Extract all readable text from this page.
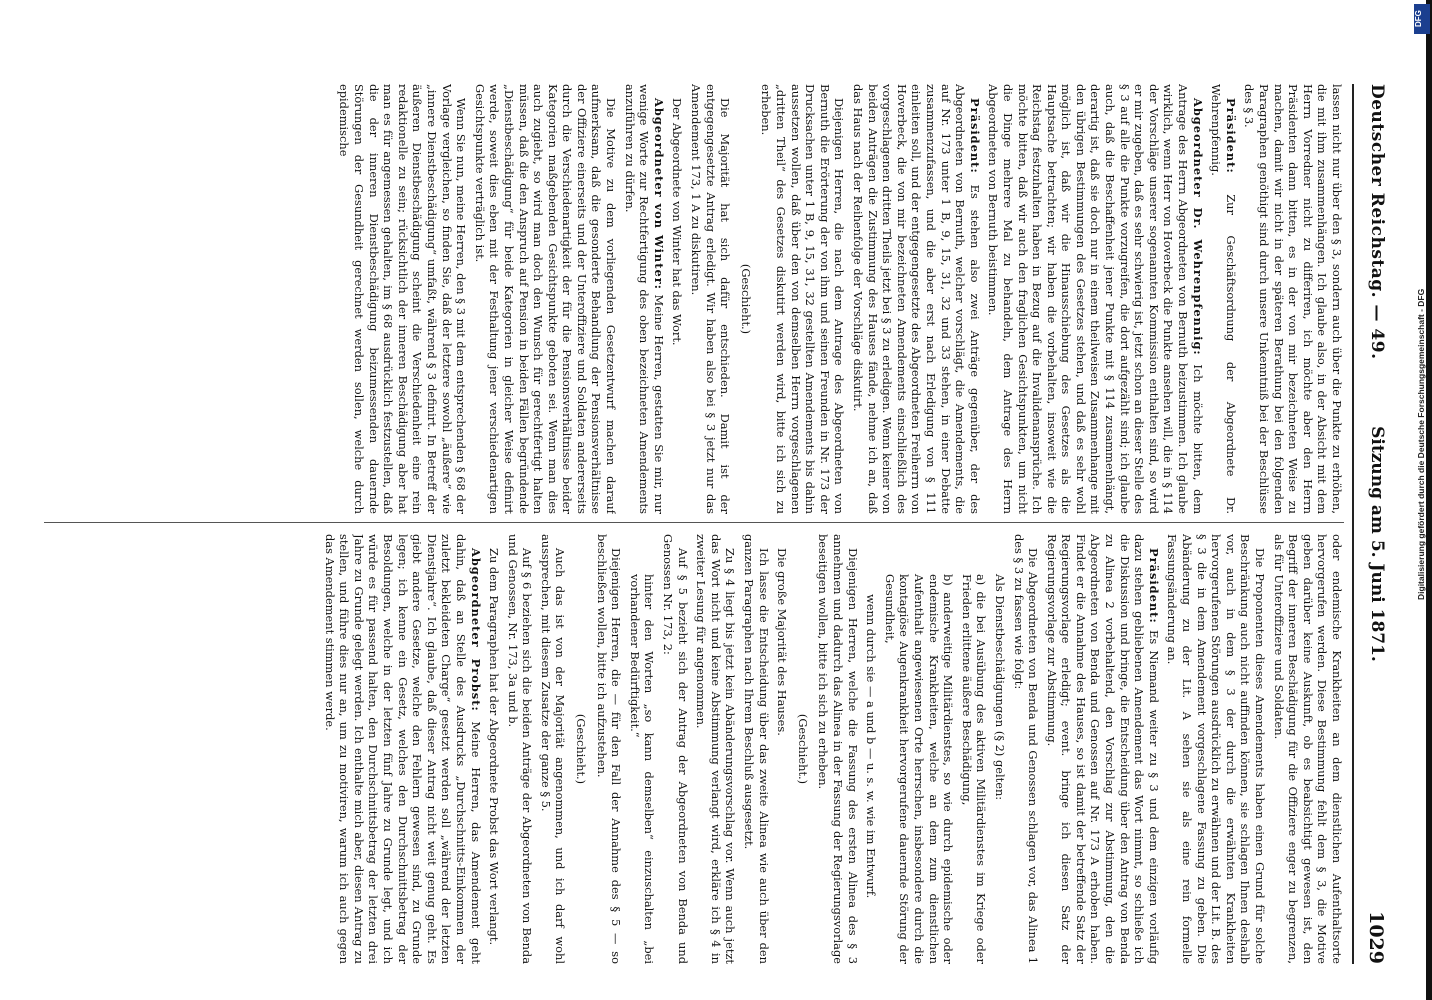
Deutscher Reichstag. — 49.
Sitzung am 5. Juni 1871.
1029

lassen nicht nur über den § 3, sondern auch über die Punkte zu erhöhen, die mit ihm zusammenhängen. Ich glaube also, in der Absicht mit dem Herrn Vorredner nicht zu differiren, ich möchte aber den Herrn Präsidenten dann bitten, es in der von mir bezeichneten Weise zu machen, damit wir nicht in der späteren Berathung bei den folgenden Paragraphen genöthigt sind durch unsere Unkenntniß bei der Beschlüsse des § 3.

Präsident: Zur Geschäftsordnung der Abgeordnete Dr. Wehrenpfennig.

Abgeordneter Dr. Wehrenpfennig: Ich möchte bitten, dem Antrage des Herrn Abgeordneten von Bernuth beizustimmen. Ich glaube wirklich, wenn Herr von Hoverbeck die Punkte ansehen will, die in § 114 der Vorschläge unserer sogenannten Kommission enthalten sind, so wird er mir zugeben, daß es sehr schwierig ist, jetzt schon an dieser Stelle des § 3 auf alle die Punkte vorzugreifen, die dort aufgezählt sind; ich glaube auch, daß die Beschaffenheit jener Punkte mit § 114 zusammenhängt, derartig ist, daß sie doch nur in einem theilweisen Zusammenhange mit den übrigen Bestimmungen des Gesetzes stehen, und daß es sehr wohl möglich ist, daß wir die Hinausschiebung des Gesetzes als die Hauptsache betrachten; wir haben die vorbehalten, insoweit wie die Reichstag festzuhalten haben in Bezug auf die Invalidenansprüche. Ich möchte bitten, daß wir auch den fraglichen Gesichtspunkten, um nicht die Dinge mehrere Mal zu behandeln, dem Antrage des Herrn Abgeordneten von Bernuth beistimmen.

Präsident: Es stehen also zwei Anträge gegenüber, der des Abgeordneten von Bernuth, welcher vorschlägt, die Amendements, die auf Nr. 173 unter 1 B, 9, 15, 31, 32 und 33 stehen, in einer Debatte zusammenzufassen, und die aber erst nach Erledigung von § 111 einleiten soll, und der entgegengesetzte des Abgeordneten Freiherrn von Hoverbeck, die von mir bezeichneten Amendements einschließlich des vorgeschlagenen dritten Theils jetzt bei § 3 zu erledigen. Wenn keiner von beiden Anträgen die Zustimmung des Hauses fände, nehme ich an, daß das Haus nach der Reihenfolge der Vorschläge diskutirt.

Diejenigen Herren, die nach dem Antrage des Abgeordneten von Bernuth die Erörterung der von ihm und seinen Freunden in Nr. 173 der Drucksachen unter 1 B, 9, 15, 31, 32 gestellten Amendements bis dahin aussetzen wollen, daß über den von demselben Herrn vorgeschlagenen „dritten Theil“ des Gesetzes diskutirt werden wird, bitte ich sich zu erheben.

(Geschieht.)

Die Majorität hat sich dafür entschieden. Damit ist der entgegengesetzte Antrag erledigt. Wir haben also bei § 3 jetzt nur das Amendement 173, 1 A zu diskutiren.

Der Abgeordnete von Winter hat das Wort.

Abgeordneter von Winter: Meine Herren, gestatten Sie mir, nur wenige Worte zur Rechtfertigung des oben bezeichneten Amendements anzuführen zu dürfen.

Die Motive zu dem vorliegenden Gesetzentwurf machen darauf aufmerksam, daß die gesonderte Behandlung der Pensionsverhältnisse der Offiziere einerseits und der Unteroffiziere und Soldaten andererseits durch die Verschiedenartigkeit der für die Pensionsverhältnisse beider Kategorien maßgebenden Gesichtspunkte geboten sei. Wenn man dies auch zugiebt, so wird man doch den Wunsch für gerechtfertigt halten müssen, daß die den Anspruch auf Pension in beiden Fällen begründende „Dienstbeschädigung“ für beide Kategorien in gleicher Weise definirt werde, soweit dies eben mit der Festhaltung jener verschiedenartigen Gesichtspunkte verträglich ist.

Wenn Sie nun, meine Herren, den § 3 mit dem entsprechenden § 68 der Vorlage vergleichen, so finden Sie, daß der letztere sowohl „äußere“ wie „innere Dienstbeschädigung“ umfaßt, während § 3 definirt. In Betreff der äußeren Dienstbeschädigung scheint die Verschiedenheit eine rein redaktionelle zu sein; rücksichtlich der inneren Beschädigung aber hat man es für angemessen gehalten, im § 68 ausdrücklich festzustellen, daß die der inneren Dienstbeschädigung beizumessenden dauernde Störungen der Gesundheit gerechnet werden sollen, welche durch epidemische

oder endemische Krankheiten an dem dienstlichen Aufenthaltsorte hervorgerufen werden. Diese Bestimmung fehlt dem § 3, die Motive geben darüber keine Auskunft, ob es beabsichtigt gewesen ist, den Begriff der inneren Beschädigung für die Offiziere enger zu begrenzen, als für Unteroffiziere und Soldaten.

Die Proponenten dieses Amendements haben einen Grund für solche Beschränkung auch nicht auffinden können, sie schlagen Ihnen deshalb vor, auch in dem § 3 der durch die erwähnten Krankheiten hervorgerufenen Störungen ausdrücklich zu erwähnen und der Lit. B. des § 3 die in dem Amendement vorgeschlagene Fassung zu geben. Die Abänderung zu der Lit. A sehen sie als eine rein formelle Fassungsänderung an.

Präsident: Es Niemand weiter zu § 3 und dem einzigen vorläufig dazu stehen gebliebenen Amendement das Wort nimmt, so schließe ich die Diskussion und bringe, die Entscheidung über den Antrag von Benda zu Alinea 2 vorbehaltend, den Vorschlag zur Abstimmung, den die Abgeordneten von Benda und Genossen auf Nr. 173 A erhoben haben. Findet er die Annahme des Hauses, so ist damit der betreffende Satz der Regierungsvorlage erledigt; event. bringe ich diesen Satz der Regierungsvorlage zur Abstimmung.

Die Abgeordneten von Benda und Genossen schlagen vor, das Alinea 1 des § 3 zu fassen wie folgt:

Als Dienstbeschädigungen (§ 2) gelten:

a) die bei Ausübung des aktiven Militärdienstes im Kriege oder Frieden erlittene äußere Beschädigung,

b) anderweitige Militärdienstes, so wie durch epidemische oder endemische Krankheiten, welche an dem zum dienstlichen Aufenthalt angewiesenen Orte herrschen, insbesondere durch die kontagiöse Augenkrankheit hervorgerufene dauernde Störung der Gesundheit,

wenn durch sie — a und b — u. s. w. wie im Entwurf.

Diejenigen Herren, welche die Fassung des ersten Alinea des § 3 annehmen und dadurch das Alinea in der Fassung der Regierungsvorlage beseitigen wollen, bitte ich sich zu erheben.

(Geschieht.)

Die große Majorität des Hauses.

Ich lasse die Entscheidung über das zweite Alinea wie auch über den ganzen Paragraphen nach Ihrem Beschluß ausgesetzt.

Zu § 4 liegt bis jetzt kein Abänderungsvorschlag vor. Wenn auch jetzt das Wort nicht und keine Abstimmung verlangt wird, erkläre ich § 4 in zweiter Lesung für angenommen.

Auf § 5 bezieht sich der Antrag der Abgeordneten von Benda und Genossen Nr. 173, 2:

hinter den Worten „so kann demselben“ einzuschalten „bei vorhandener Bedürftigkeit.“

Diejenigen Herren, die — für den Fall der Annahme des § 5 — so beschließen wollen, bitte ich aufzustehen.

(Geschieht.)

Auch das ist von der Majorität angenommen, und ich darf wohl aussprechen, mit diesem Zusatze der ganze § 5.

Auf § 6 beziehen sich die beiden Anträge der Abgeordneten von Benda und Genossen, Nr. 173, 3a und b.

Zu dem Paragraphen hat der Abgeordnete Probst das Wort verlangt.

Abgeordneter Probst: Meine Herren, das Amendement geht dahin, daß an Stelle des Ausdrucks „Durchschnitts-Einkommen der zuletzt bekleideten Charge“ gesetzt werden soll „während der letzten Dienstjahre“. Ich glaube, daß dieser Antrag nicht weit genug geht. Es giebt andere Gesetze, welche den Fehlern gewesen sind, zu Grunde legen; ich kenne ein Gesetz, welches den Durchschnittsbetrag der Besoldungen, welche in der letzten fünf Jahre zu Grunde legt, und ich würde es für passend halten, den Durchschnittsbetrag der letzten drei Jahre zu Grunde gelegt werden. Ich enthalte mich aber, diesen Antrag zu stellen, und führe dies nur an, um zu motiviren, warum ich auch gegen das Amendement stimmen werde.

DFG
Digitalisierung gefördert durch die Deutsche Forschungsgemeinschaft - DFG
